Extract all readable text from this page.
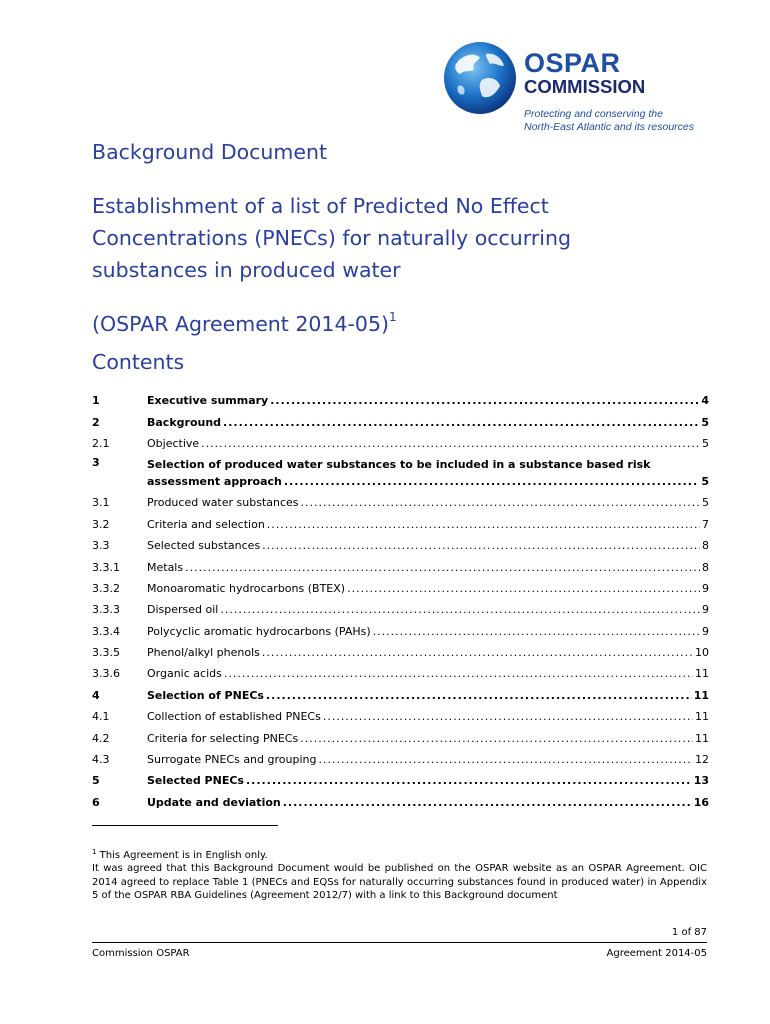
OSPAR
COMMISSION
Protecting and conserving the
North-East Atlantic and its resources
Background Document
Establishment of a list of Predicted No Effect
Concentrations (PNECs) for naturally occurring
substances in produced water
(OSPAR Agreement 2014-05)$^1$
Contents
1	Executive summary .....	4
2	Background .....	5
2.1	Objective .....	5
3	Selection of produced water substances to be included in a substance based risk
assessment approach .....	5
3.1	Produced water substances .....	5
3.2	Criteria and selection .....	7
3.3	Selected substances .....	8
3.3.1	Metals .....	8
3.3.2	Monoaromatic hydrocarbons (BTEX) .....	9
3.3.3	Dispersed oil .....	9
3.3.4	Polycyclic aromatic hydrocarbons (PAHs) .....	9
3.3.5	Phenol/alkyl phenols .....	10
3.3.6	Organic acids .....	11
4	Selection of PNECs .....	11
4.1	Collection of established PNECs .....	11
4.2	Criteria for selecting PNECs .....	11
4.3	Surrogate PNECs and grouping .....	12
5	Selected PNECs .....	13
6	Update and deviation .....	16
$^1$ This Agreement is in English only.
It was agreed that this Background Document would be published on the OSPAR website as an OSPAR Agreement. OIC 2014 agreed to replace Table 1 (PNECs and EQSs for naturally occurring substances found in produced water) in Appendix 5 of the OSPAR RBA Guidelines (Agreement 2012/7) with a link to this Background document
1 of 87
Commission OSPAR	Agreement 2014-05
